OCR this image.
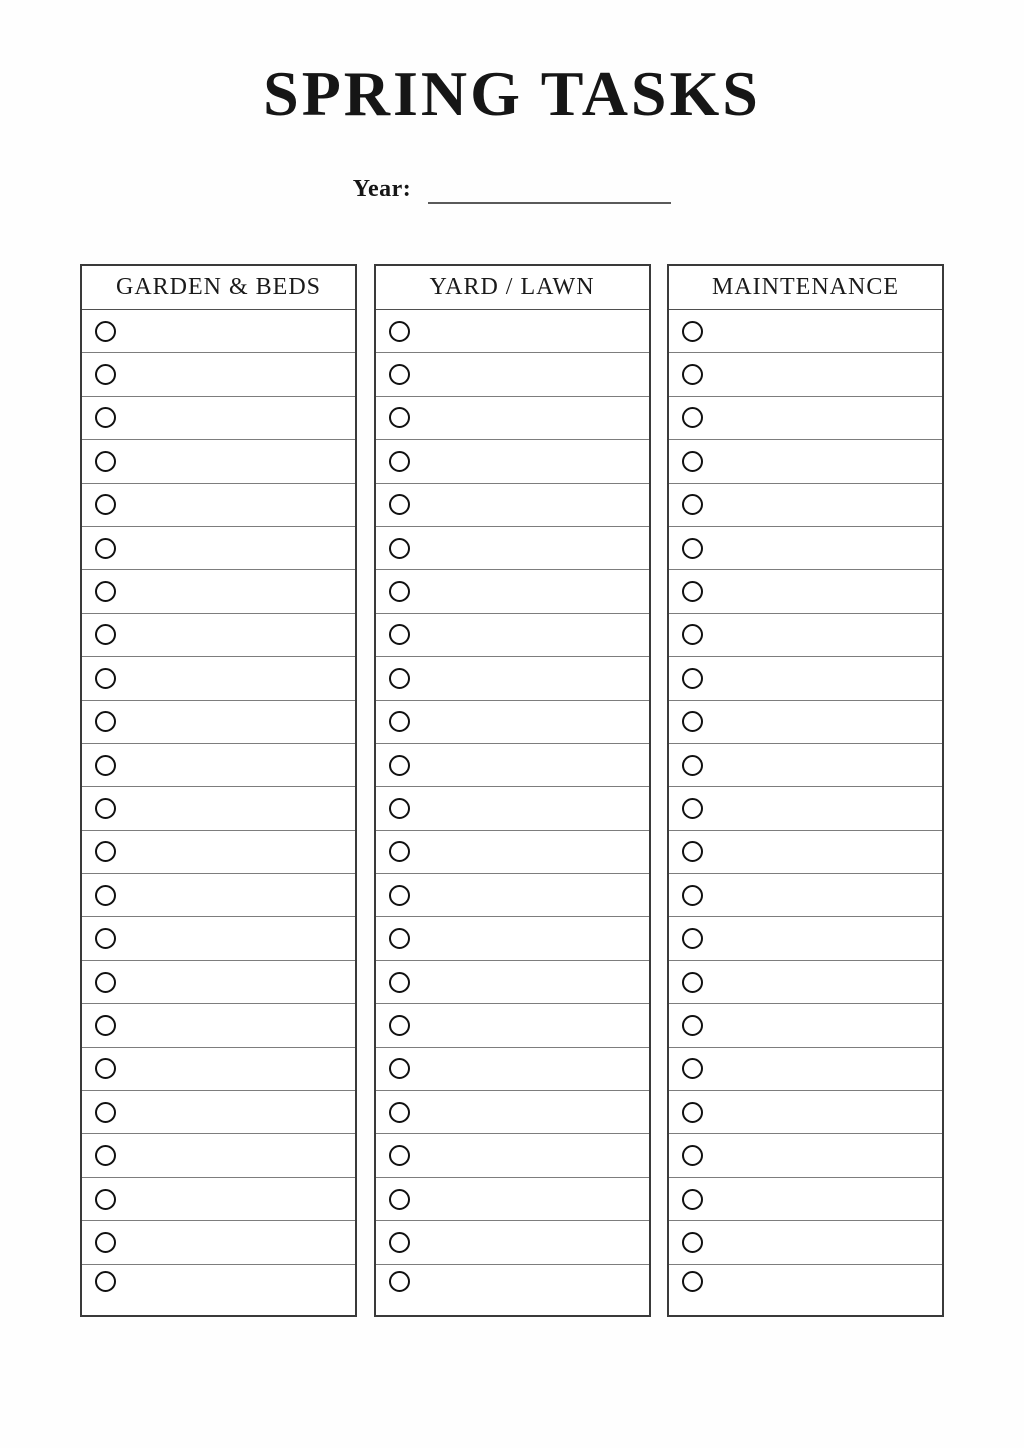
SPRING TASKS
Year:
GARDEN & BEDS	YARD / LAWN	MAINTENANCE
